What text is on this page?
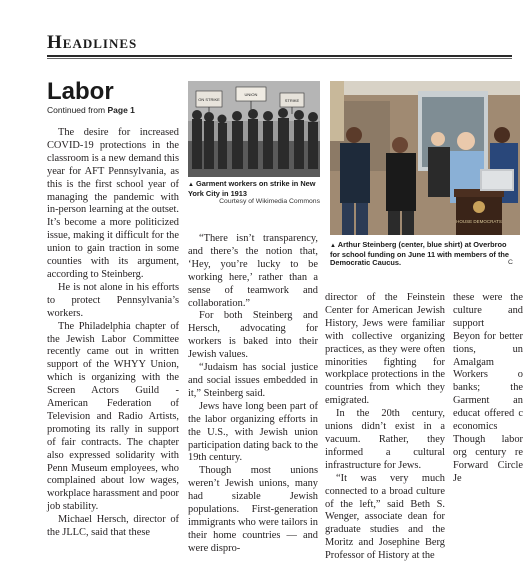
Headlines
Labor
Continued from Page 1

The desire for increased COVID-19 protections in the classroom is a new demand this year for AFT Pennsylvania, as this is the first school year of managing the pandemic with in-person learning at the outset. It’s become a more politicized issue, making it difficult for the union to gain traction in some counties with its argument, according to Steinberg.

He is not alone in his efforts to protect Pennsylvania’s workers.

The Philadelphia chapter of the Jewish Labor Committee recently came out in written support of the WHYY Union, which is organizing with the Screen Actors Guild - American Federation of Television and Radio Artists, promoting its rally in support of fair contracts. The chapter also expressed solidarity with Penn Museum employees, who complained about low wages, workplace harassment and poor job stability.

Michael Hersch, director of the JLLC, said that these

ON STRIKE
UNION
STRIKE
▲ Garment workers on strike in New York City in 1913
Courtesy of Wikimedia Commons

“There isn’t transparency, and there’s the notion that, ‘Hey, you’re lucky to be working here,’ rather than a sense of teamwork and collaboration.”

For both Steinberg and Hersch, advocating for workers is baked into their Jewish values.

“Judaism has social justice and social issues embedded in it,” Steinberg said.

Jews have long been part of the labor organizing efforts in the U.S., with Jewish union participation dating back to the 19th century.

Though most unions weren’t Jewish unions, many had sizable Jewish populations. First-generation immigrants who were tailors in their home countries — and were dispro-

HOUSE DEMOCRATS
▲ Arthur Steinberg (center, blue shirt) at Overbroo
for school funding on June 11 with members of the
Democratic Caucus.	C

director of the Feinstein Center for American Jewish History, Jews were familiar with collective organizing practices, as they were often minorities fighting for workplace protections in the countries from which they emigrated.

In the 20th century, unions didn’t exist in a vacuum. Rather, they informed a cultural infrastructure for Jews.

“It was very much connected to a broad culture of the left,” said Beth S. Wenger, associate dean for graduate studies and the Moritz and Josephine Berg Professor of History at the

these were the culture and support

Beyon for better tions, un Amalgam Workers o banks; the Garment an educat offered c economics

Though labor org century re Forward Circle Je
